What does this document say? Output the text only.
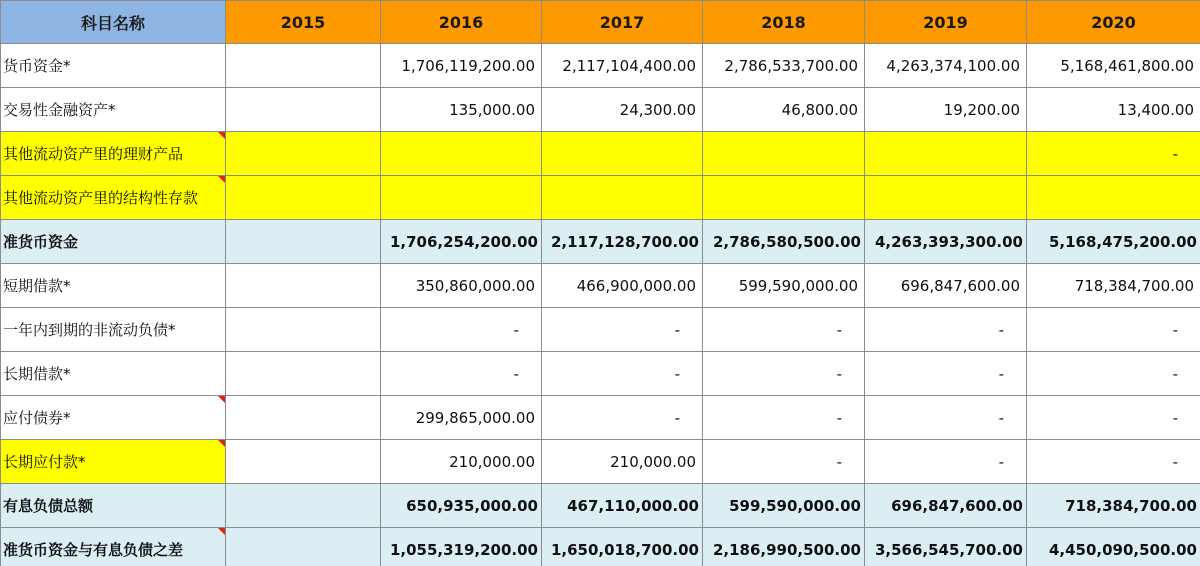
科目名称	2015	2016	2017	2018	2019	2020
货币资金*		1,706,119,200.00	2,117,104,400.00	2,786,533,700.00	4,263,374,100.00	5,168,461,800.00
交易性金融资产*		135,000.00	24,300.00	46,800.00	19,200.00	13,400.00
其他流动资产里的理财产品						-
其他流动资产里的结构性存款						
准货币资金		1,706,254,200.00	2,117,128,700.00	2,786,580,500.00	4,263,393,300.00	5,168,475,200.00
短期借款*		350,860,000.00	466,900,000.00	599,590,000.00	696,847,600.00	718,384,700.00
一年内到期的非流动负债*		-	-	-	-	-
长期借款*		-	-	-	-	-
应付债券*		299,865,000.00	-	-	-	-
长期应付款*		210,000.00	210,000.00	-	-	-
有息负债总额		650,935,000.00	467,110,000.00	599,590,000.00	696,847,600.00	718,384,700.00
准货币资金与有息负债之差		1,055,319,200.00	1,650,018,700.00	2,186,990,500.00	3,566,545,700.00	4,450,090,500.00
